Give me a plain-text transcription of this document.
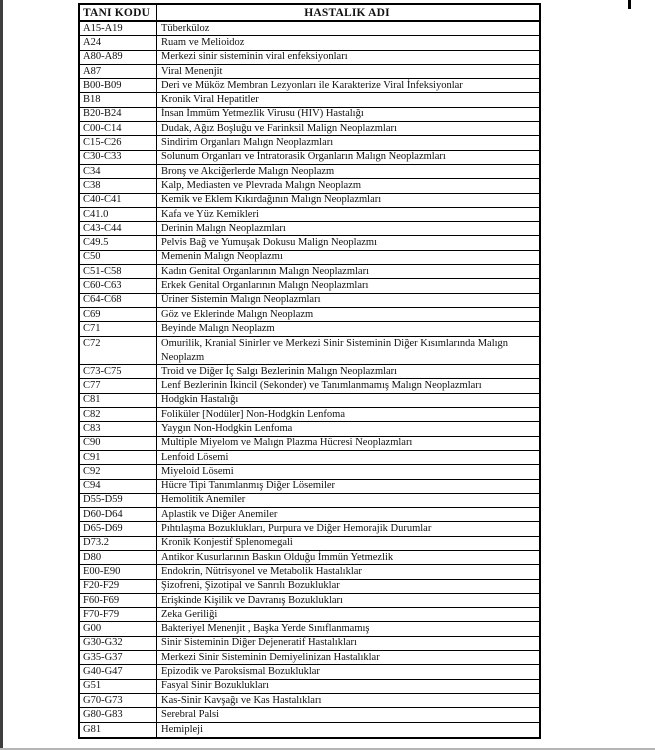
TANI KODU	HASTALIK ADI
A15-A19	Tüberküloz
A24	Ruam ve Melioidoz
A80-A89	Merkezi sinir sisteminin viral enfeksiyonları
A87	Viral Menenjit
B00-B09	Deri ve Müköz Membran Lezyonları ile Karakterize Viral İnfeksiyonlar
B18	Kronik Viral Hepatitler
B20-B24	İnsan İmmüm Yetmezlik Virusu (HIV) Hastalığı
C00-C14	Dudak, Ağız Boşluğu ve Farinksil Malign Neoplazmları
C15-C26	Sindirim Organları Malıgn Neoplazmları
C30-C33	Solunum Organları ve İntratorasik Organların Malıgn Neoplazmları
C34	Bronş ve Akciğerlerde Malıgn Neoplazm
C38	Kalp, Mediasten ve Plevrada Malıgn Neoplazm
C40-C41	Kemik ve Eklem Kıkırdağının Malıgn Neoplazmları
C41.0	Kafa ve Yüz Kemikleri
C43-C44	Derinin Malıgn Neoplazmları
C49.5	Pelvis Bağ ve Yumuşak Dokusu Malign Neoplazmı
C50	Memenin Malıgn Neoplazmı
C51-C58	Kadın Genital Organlarının Malıgn Neoplazmları
C60-C63	Erkek Genital Organlarının Malıgn Neoplazmları
C64-C68	Üriner Sistemin Malıgn Neoplazmları
C69	Göz ve Eklerinde Malıgn Neoplazm
C71	Beyinde Malıgn Neoplazm
C72	Omurilik, Kranial Sinirler ve Merkezi Sinir Sisteminin Diğer Kısımlarında Malıgn Neoplazm
C73-C75	Troid ve Diğer İç Salgı Bezlerinin Malıgn Neoplazmları
C77	Lenf Bezlerinin İkincil (Sekonder) ve Tanımlanmamış Malıgn Neoplazmları
C81	Hodgkin Hastalığı
C82	Foliküler [Nodüler] Non-Hodgkin Lenfoma
C83	Yaygın Non-Hodgkin Lenfoma
C90	Multiple Miyelom ve Malıgn Plazma Hücresi Neoplazmları
C91	Lenfoid Lösemi
C92	Miyeloid Lösemi
C94	Hücre Tipi Tanımlanmış Diğer Lösemiler
D55-D59	Hemolitik Anemiler
D60-D64	Aplastik ve Diğer Anemiler
D65-D69	Pıhtılaşma Bozuklukları, Purpura ve Diğer Hemorajik Durumlar
D73.2	Kronik Konjestif Splenomegali
D80	Antikor Kusurlarının Baskın Olduğu İmmün Yetmezlik
E00-E90	Endokrin, Nütrisyonel ve Metabolik Hastalıklar
F20-F29	Şizofreni, Şizotipal ve Sanrılı Bozukluklar
F60-F69	Erişkinde Kişilik ve Davranış Bozuklukları
F70-F79	Zeka Geriliği
G00	Bakteriyel Menenjit , Başka Yerde Sınıflanmamış
G30-G32	Sinir Sisteminin Diğer Dejeneratif Hastalıkları
G35-G37	Merkezi Sinir Sisteminin Demiyelinizan Hastalıklar
G40-G47	Epizodik ve Paroksismal Bozukluklar
G51	Fasyal Sinir Bozuklukları
G70-G73	Kas-Sinir Kavşağı ve Kas Hastalıkları
G80-G83	Serebral Palsi
G81	Hemipleji
